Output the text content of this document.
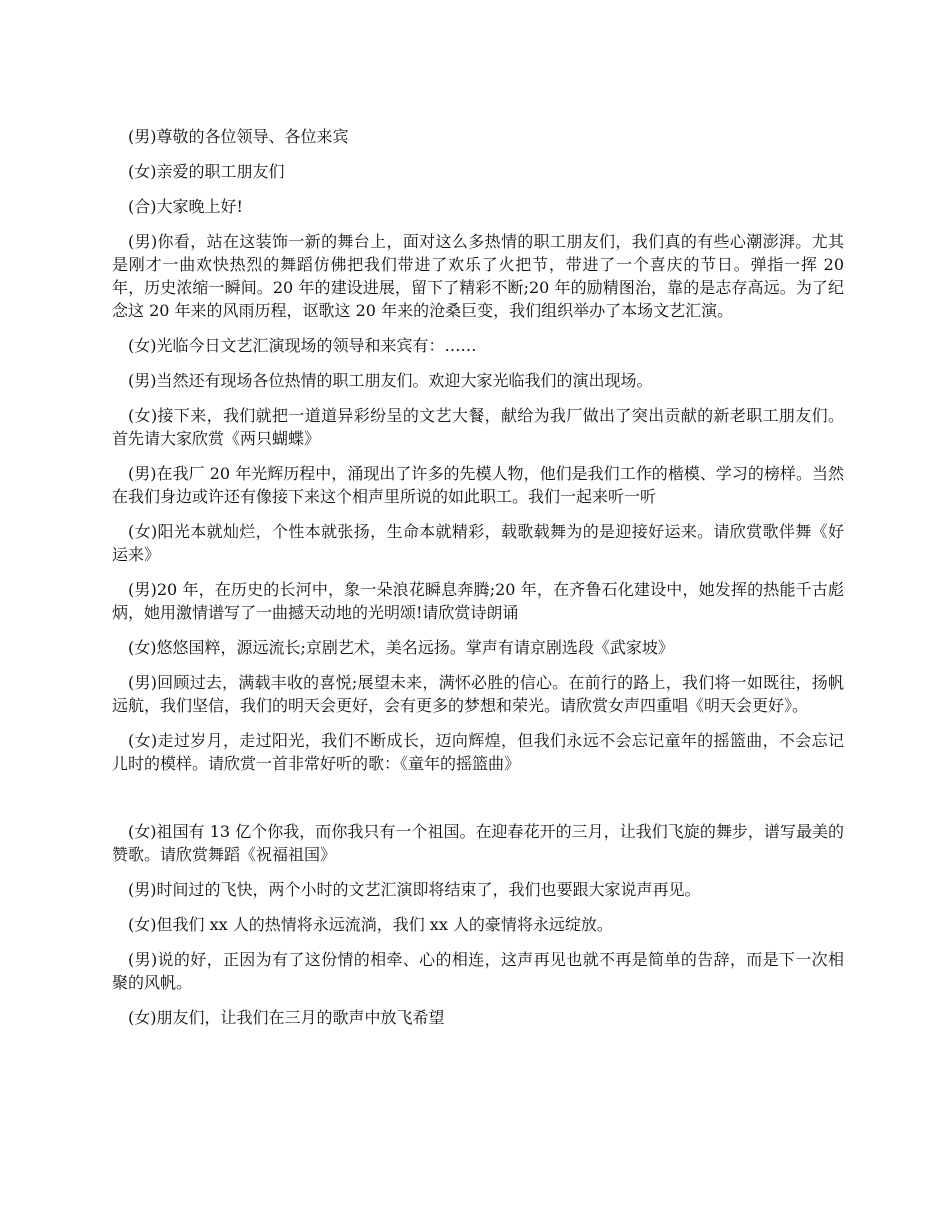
(男)尊敬的各位领导、各位来宾

(女)亲爱的职工朋友们

(合)大家晚上好!

(男)你看，站在这装饰一新的舞台上，面对这么多热情的职工朋友们，我们真的有些心潮澎湃。尤其是刚才一曲欢快热烈的舞蹈仿佛把我们带进了欢乐了火把节，带进了一个喜庆的节日。弹指一挥 20 年，历史浓缩一瞬间。20 年的建设进展，留下了精彩不断;20 年的励精图治，靠的是志存高远。为了纪念这 20 年来的风雨历程，讴歌这 20 年来的沧桑巨变，我们组织举办了本场文艺汇演。

(女)光临今日文艺汇演现场的领导和来宾有：……

(男)当然还有现场各位热情的职工朋友们。欢迎大家光临我们的演出现场。

(女)接下来，我们就把一道道异彩纷呈的文艺大餐，献给为我厂做出了突出贡献的新老职工朋友们。首先请大家欣赏《两只蝴蝶》

(男)在我厂 20 年光辉历程中，涌现出了许多的先模人物，他们是我们工作的楷模、学习的榜样。当然在我们身边或许还有像接下来这个相声里所说的如此职工。我们一起来听一听

(女)阳光本就灿烂，个性本就张扬，生命本就精彩，载歌载舞为的是迎接好运来。请欣赏歌伴舞《好运来》

(男)20 年，在历史的长河中，象一朵浪花瞬息奔腾;20 年，在齐鲁石化建设中，她发挥的热能千古彪炳，她用激情谱写了一曲撼天动地的光明颂!请欣赏诗朗诵

(女)悠悠国粹，源远流长;京剧艺术，美名远扬。掌声有请京剧选段《武家坡》

(男)回顾过去，满载丰收的喜悦;展望未来，满怀必胜的信心。在前行的路上，我们将一如既往，扬帆远航，我们坚信，我们的明天会更好，会有更多的梦想和荣光。请欣赏女声四重唱《明天会更好》。

(女)走过岁月，走过阳光，我们不断成长，迈向辉煌，但我们永远不会忘记童年的摇篮曲，不会忘记儿时的模样。请欣赏一首非常好听的歌：《童年的摇篮曲》

(女)祖国有 13 亿个你我，而你我只有一个祖国。在迎春花开的三月，让我们飞旋的舞步，谱写最美的赞歌。请欣赏舞蹈《祝福祖国》

(男)时间过的飞快，两个小时的文艺汇演即将结束了，我们也要跟大家说声再见。

(女)但我们 xx 人的热情将永远流淌，我们 xx 人的豪情将永远绽放。

(男)说的好，正因为有了这份情的相牵、心的相连，这声再见也就不再是简单的告辞，而是下一次相聚的风帆。

(女)朋友们，让我们在三月的歌声中放飞希望
